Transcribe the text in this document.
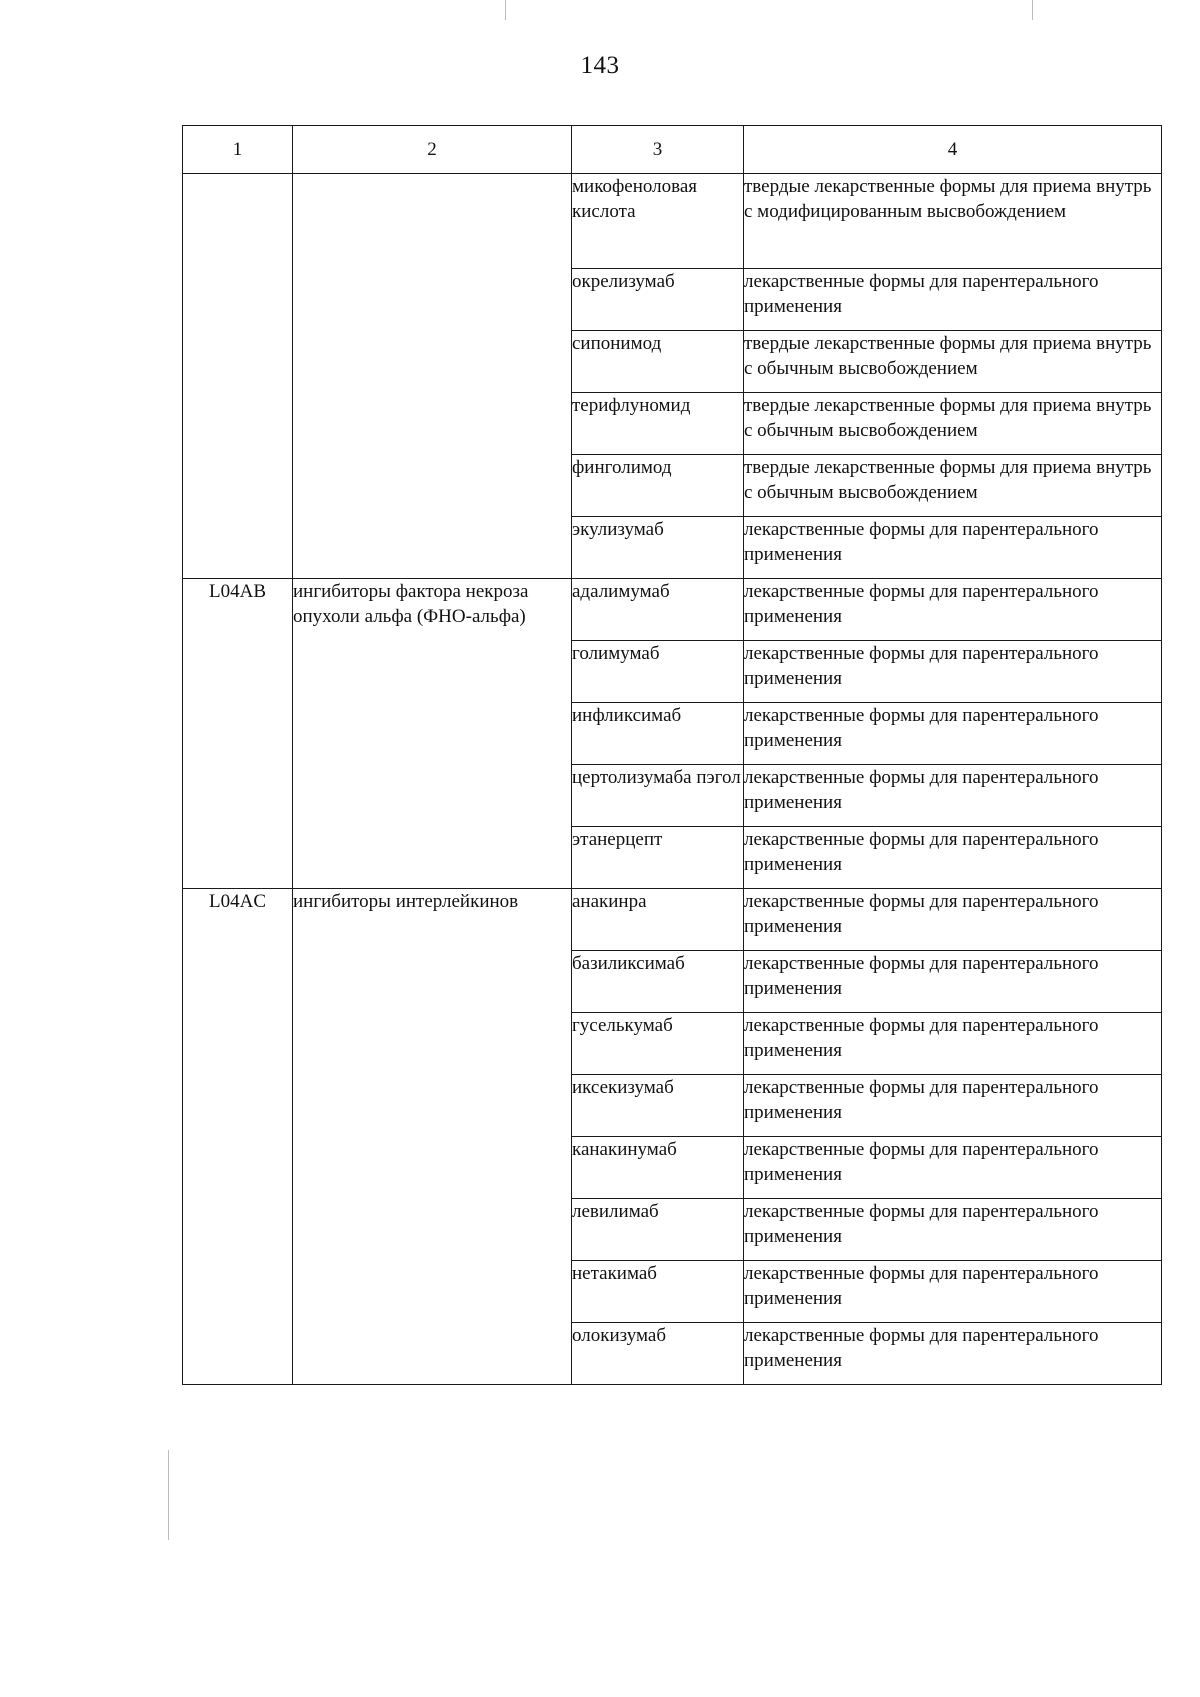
143
1	2	3	4
		микофеноловая кислота	твердые лекарственные формы для приема внутрь с модифицированным высвобождением
		окрелизумаб	лекарственные формы для парентерального применения
		сипонимод	твердые лекарственные формы для приема внутрь с обычным высвобождением
		терифлуномид	твердые лекарственные формы для приема внутрь с обычным высвобождением
		финголимод	твердые лекарственные формы для приема внутрь с обычным высвобождением
		экулизумаб	лекарственные формы для парентерального применения
L04AB	ингибиторы фактора некроза опухоли альфа (ФНО-альфа)	адалимумаб	лекарственные формы для парентерального применения
		голимумаб	лекарственные формы для парентерального применения
		инфликсимаб	лекарственные формы для парентерального применения
		цертолизумаба пэгол	лекарственные формы для парентерального применения
		этанерцепт	лекарственные формы для парентерального применения
L04AC	ингибиторы интерлейкинов	анакинра	лекарственные формы для парентерального применения
		базиликсимаб	лекарственные формы для парентерального применения
		гуселькумаб	лекарственные формы для парентерального применения
		иксекизумаб	лекарственные формы для парентерального применения
		канакинумаб	лекарственные формы для парентерального применения
		левилимаб	лекарственные формы для парентерального применения
		нетакимаб	лекарственные формы для парентерального применения
		олокизумаб	лекарственные формы для парентерального применения
